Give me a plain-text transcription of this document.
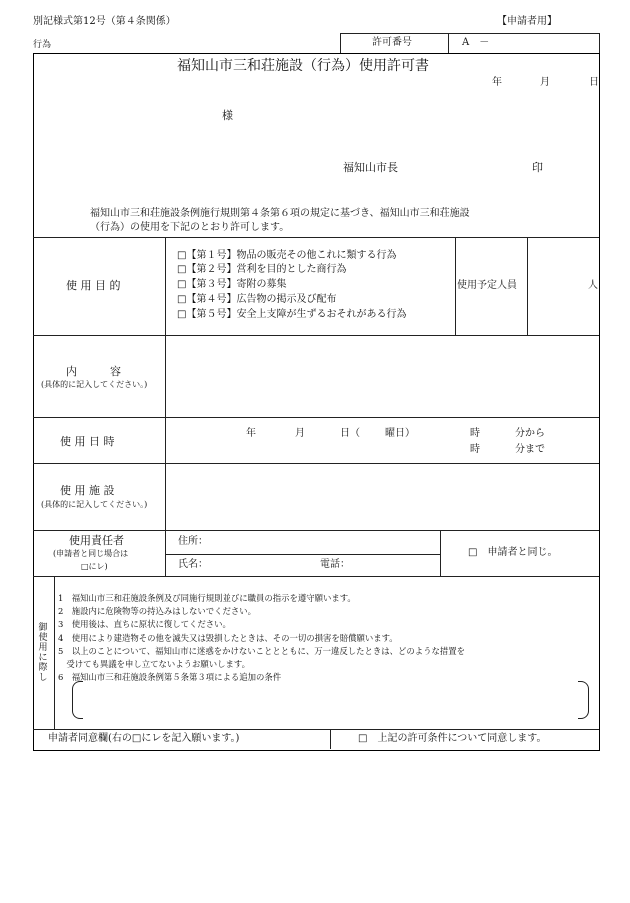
別記様式第12号（第４条関係）	【申請者用】
行為	許可番号	A　－
福知山市三和荘施設（行為）使用許可書
年	月	日
様
福知山市長	印
福知山市三和荘施設条例施行規則第４条第６項の規定に基づき、福知山市三和荘施設
（行為）の使用を下記のとおり許可します。
使 用 目 的
□【第１号】物品の販売その他これに類する行為
□【第２号】営利を目的とした商行為
□【第３号】寄附の募集
□【第４号】広告物の掲示及び配布
□【第５号】安全上支障が生ずるおそれがある行為
使用予定人員	人
内　　　容
(具体的に記入してください。)
使 用 日 時
年	月	日（	曜日）	時	分から
時	分まで
使 用 施 設
(具体的に記入してください。)
使用責任者
(申請者と同じ場合は
□にレ)
住所：
氏名：	電話：
□　申請者と同じ。
御
使
用
に
際
し
1　福知山市三和荘施設条例及び同施行規則並びに職員の指示を遵守願います。
2　施設内に危険物等の持込みはしないでください。
3　使用後は、直ちに原状に復してください。
4　使用により建造物その他を滅失又は毀損したときは、その一切の損害を賠償願います。
5　以上のことについて、福知山市に迷惑をかけないこととともに、万一違反したときは、どのような措置を
　受けても異議を申し立てないようお願いします。
6　福知山市三和荘施設条例第５条第３項による追加の条件
申請者同意欄(右の□にレを記入願います。)	□　上記の許可条件について同意します。
